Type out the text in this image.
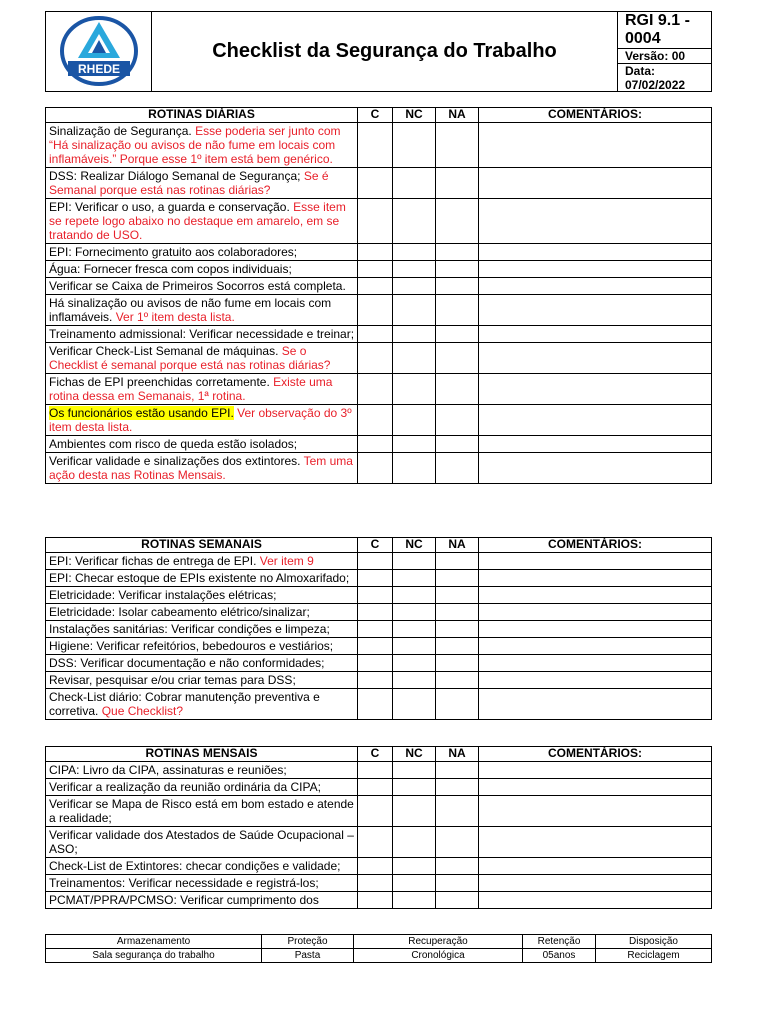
RHEDE
Checklist da Segurança do Trabalho
RGI 9.1 - 0004
Versão: 00
Data: 07/02/2022
ROTINAS DIÁRIAS	C	NC	NA	COMENTÁRIOS:
Sinalização de Segurança. Esse poderia ser junto com “Há sinalização ou avisos de não fume em locais com inflamáveis.” Porque esse 1º item está bem genérico.				
DSS: Realizar Diálogo Semanal de Segurança; Se é Semanal porque está nas rotinas diárias?				
EPI: Verificar o uso, a guarda e conservação. Esse item se repete logo abaixo no destaque em amarelo, em se tratando de USO.				
EPI: Fornecimento gratuito aos colaboradores;				
Água: Fornecer fresca com copos individuais;				
Verificar se Caixa de Primeiros Socorros está completa.				
Há sinalização ou avisos de não fume em locais com inflamáveis. Ver 1º item desta lista.				
Treinamento admissional: Verificar necessidade e treinar;				
Verificar Check-List Semanal de máquinas. Se o Checklist é semanal porque está nas rotinas diárias?				
Fichas de EPI preenchidas corretamente. Existe uma rotina dessa em Semanais, 1ª rotina.				
Os funcionários estão usando EPI. Ver observação do 3º item desta lista.				
Ambientes com risco de queda estão isolados;				
Verificar validade e sinalizações dos extintores. Tem uma ação desta nas Rotinas Mensais.				
ROTINAS SEMANAIS	C	NC	NA	COMENTÁRIOS:
EPI: Verificar fichas de entrega de EPI. Ver item 9				
EPI: Checar estoque de EPIs existente no Almoxarifado;				
Eletricidade: Verificar instalações elétricas;				
Eletricidade: Isolar cabeamento elétrico/sinalizar;				
Instalações sanitárias: Verificar condições e limpeza;				
Higiene: Verificar refeitórios, bebedouros e vestiários;				
DSS: Verificar documentação e não conformidades;				
Revisar, pesquisar e/ou criar temas para DSS;				
Check-List diário: Cobrar manutenção preventiva e corretiva. Que Checklist?				
ROTINAS MENSAIS	C	NC	NA	COMENTÁRIOS:
CIPA: Livro da CIPA, assinaturas e reuniões;				
Verificar a realização da reunião ordinária da CIPA;				
Verificar se Mapa de Risco está em bom estado e atende a realidade;				
Verificar validade dos Atestados de Saúde Ocupacional – ASO;				
Check-List de Extintores: checar condições e validade;				
Treinamentos: Verificar necessidade e registrá-los;				
PCMAT/PPRA/PCMSO: Verificar cumprimento dos				
Armazenamento	Proteção	Recuperação	Retenção	Disposição
Sala segurança do trabalho	Pasta	Cronológica	05anos	Reciclagem
